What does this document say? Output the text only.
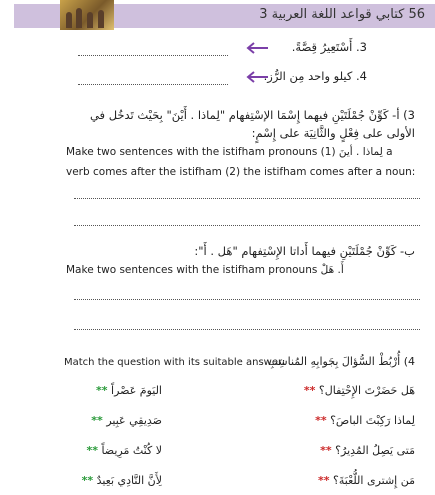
56 كتابي قواعد اللغة العربية 3
3. أَسْتَعِيرُ قِصَّةً.
4. كيلو واحد مِن الرُّز.
3) أ- كَوِّنْ جُمْلَتَيْنِ فيهما إِسْمَا الإسْتِفهام "لِماذا . أَيْنَ" بِحَيْث تَدخُل في
الأولى على فِعْلٍ والثَّانِيَة على إِسْمٍ:
Make two sentences with the istifham pronouns لِماذا . أينَ (1) a
verb comes after the istifham (2) the istifham comes after a noun:
ب- كَوِّنْ جُمْلَتَيْنِ فيهما أَداتا الإِسْتِفهام "هَل . أَ":
Make two sentences with the istifham pronouns أَ. هَلْ
Match the question with its suitable answer:
4) أُرْبُطْ السُّؤالَ بِجَوابِهِ المُناسِبِ
هَل حَضَرْتَ الإِحْتِفال؟ **
اليَومَ عَصْراً **
لِماذا رَكِبْتَ الباصَ؟ **
صَدِيقِي عَبِير **
مَتى يَصِلُ المُدِيرُ؟ **
لا كُنْتُ مَرِيضاً **
مَن إِشترى اللُّعْبَةَ؟ **
لِأَنَّ النَّادِي بَعِيدٌ **
